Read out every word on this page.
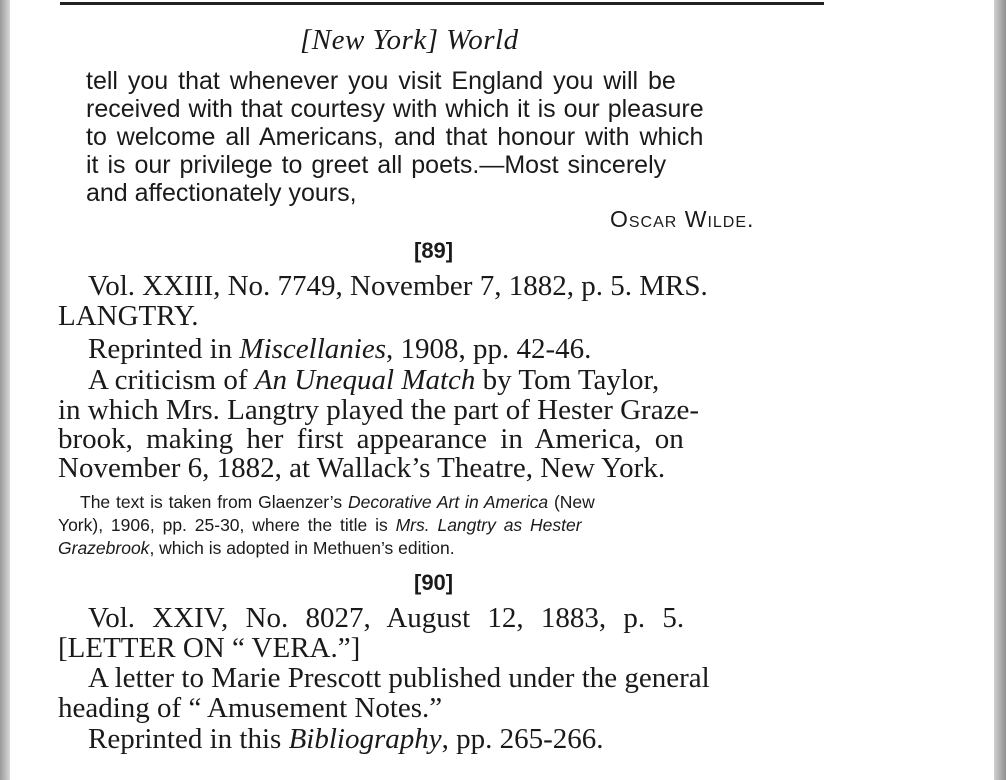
[New York] World
tell you that whenever you visit England you will be
received with that courtesy with which it is our pleasure
to welcome all Americans, and that honour with which
it is our privilege to greet all poets.—Most sincerely
and affectionately yours,
Oscar Wilde.
[89]
Vol. XXIII, No. 7749, November 7, 1882, p. 5. MRS.
LANGTRY.
Reprinted in Miscellanies, 1908, pp. 42-46.
A criticism of An Unequal Match by Tom Taylor,
in which Mrs. Langtry played the part of Hester Graze-
brook, making her first appearance in America, on
November 6, 1882, at Wallack’s Theatre, New York.
The text is taken from Glaenzer’s Decorative Art in America (New
York), 1906, pp. 25-30, where the title is Mrs. Langtry as Hester
Grazebrook, which is adopted in Methuen’s edition.
[90]
Vol. XXIV, No. 8027, August 12, 1883, p. 5.
[LETTER ON “ VERA.”]
A letter to Marie Prescott published under the general
heading of “ Amusement Notes.”
Reprinted in this Bibliography, pp. 265-266.
